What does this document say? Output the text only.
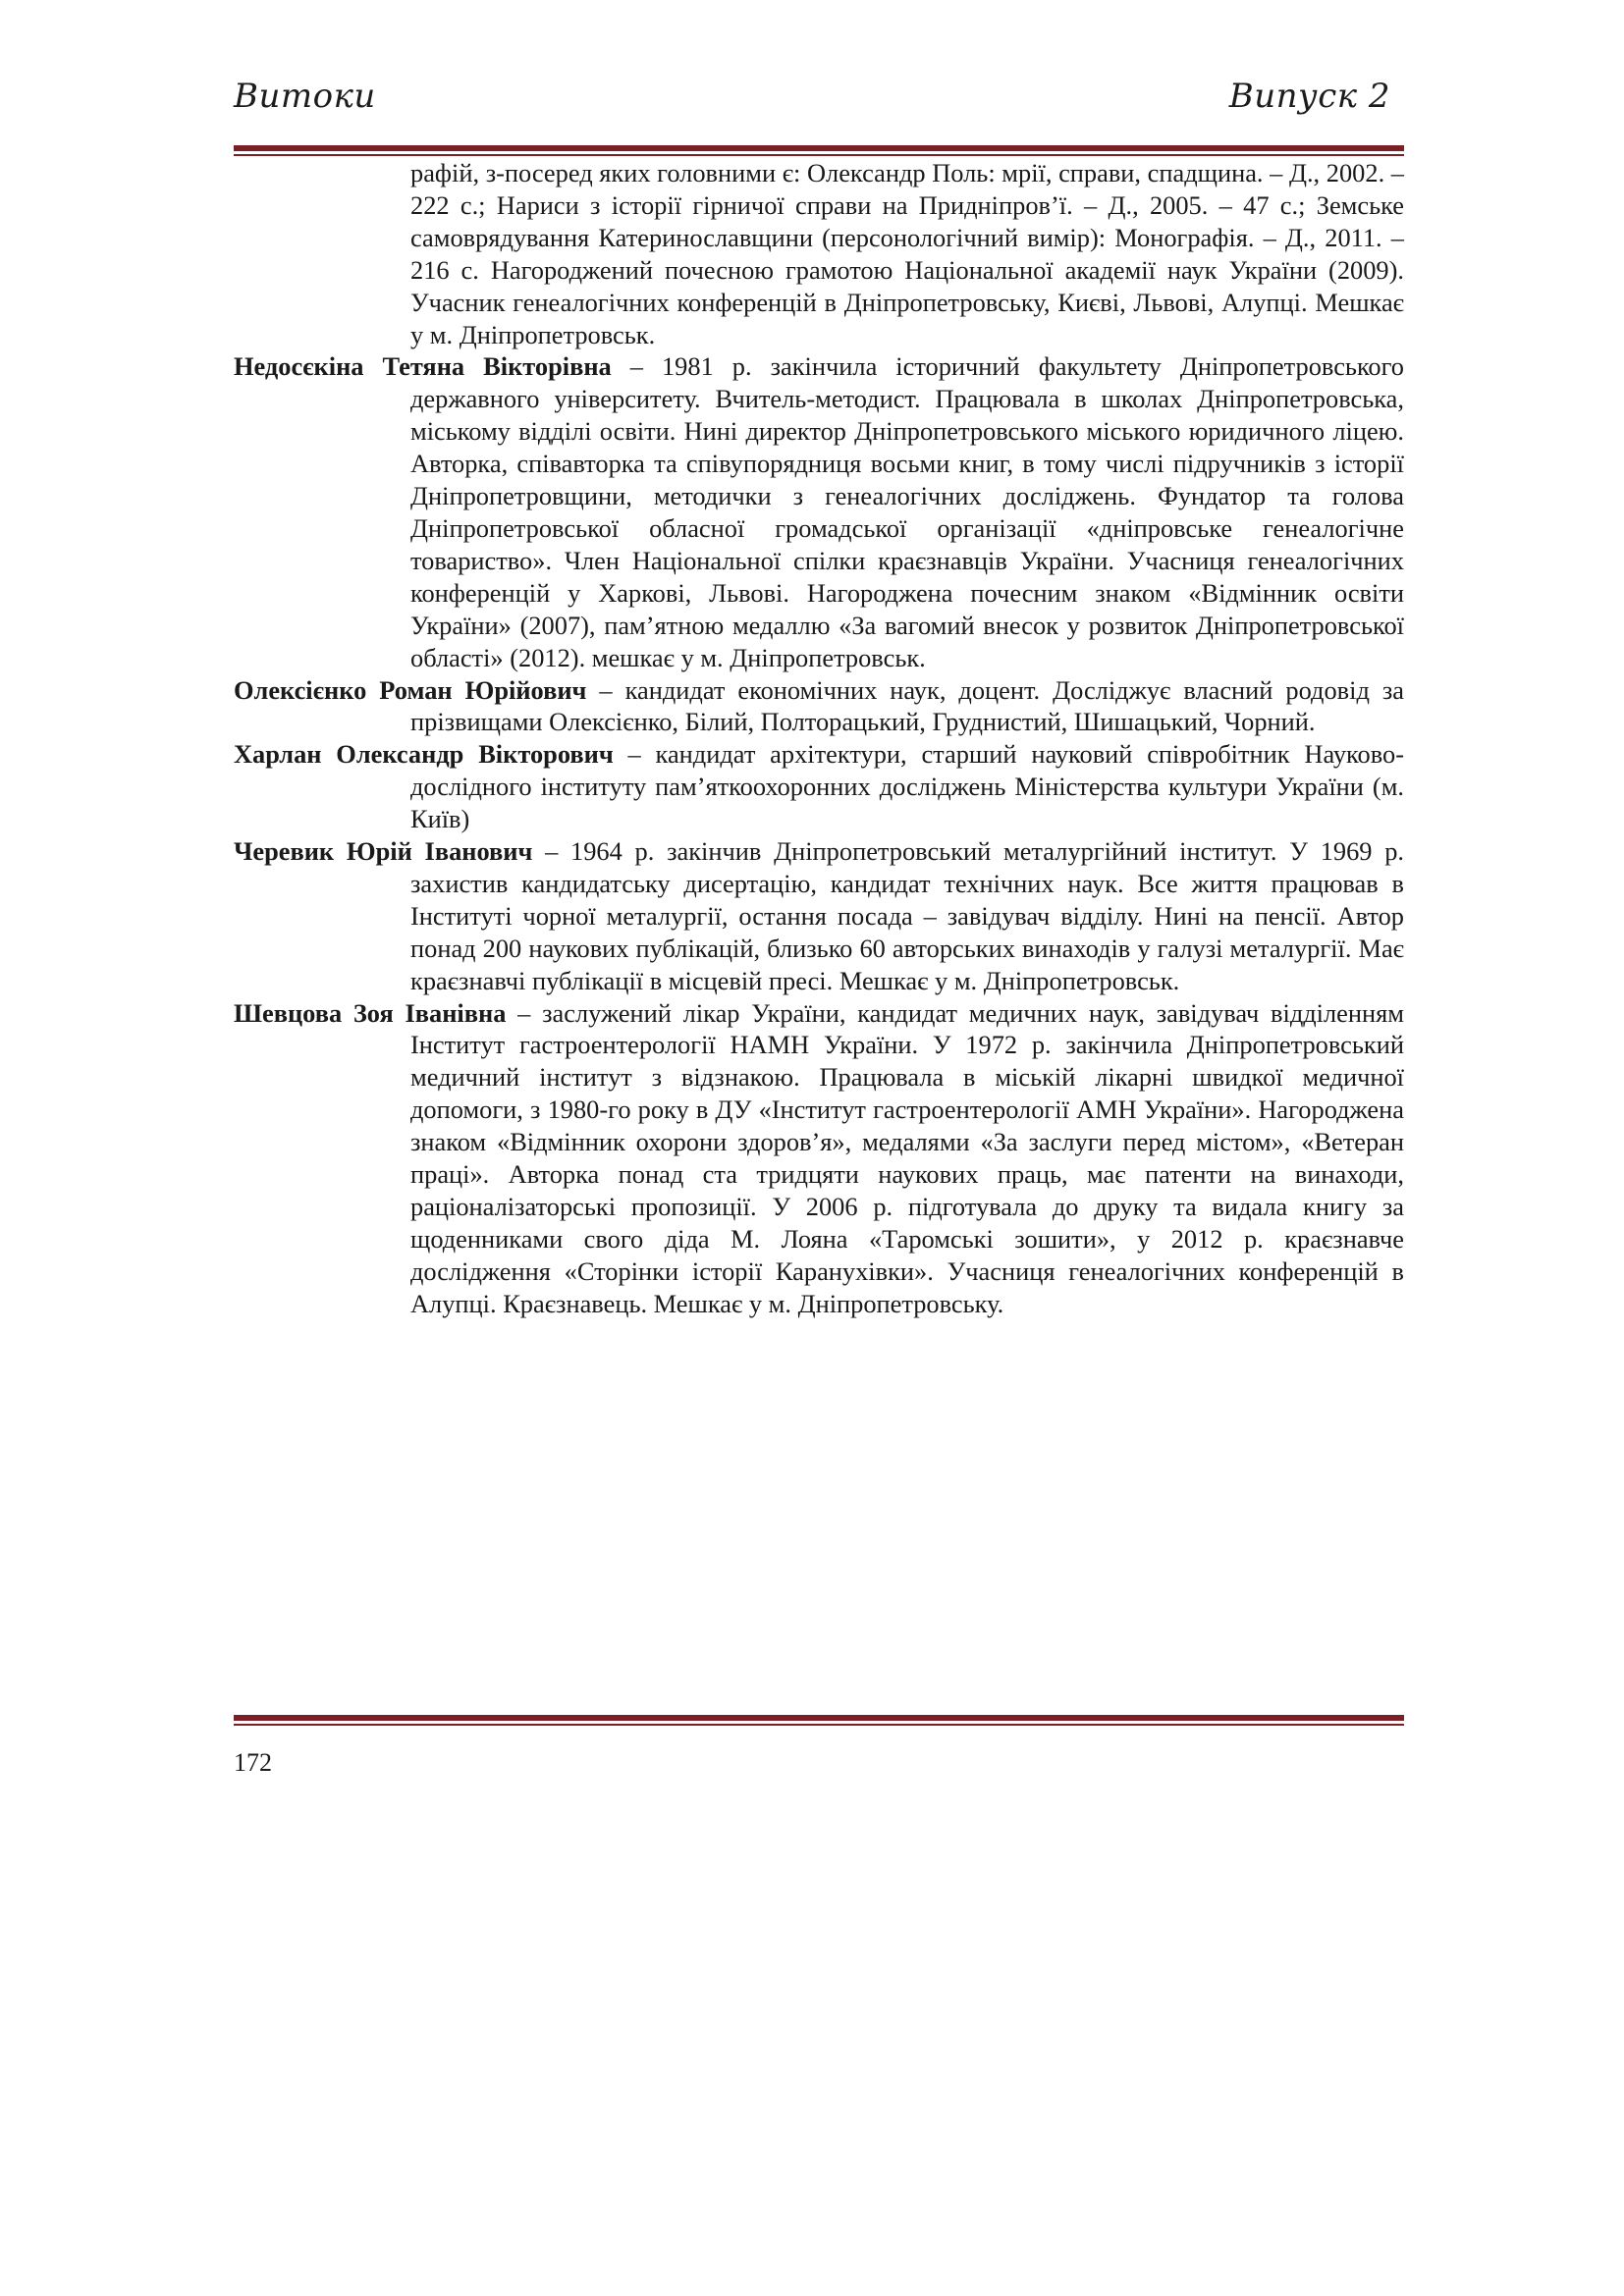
Витоки	Випуск 2

рафій, з-посеред яких головними є: Олександр Поль: мрії, справи, спадщина. – Д., 2002. – 222 с.; Нариси з історії гірничої справи на Придніпров’ї. – Д., 2005. – 47 с.; Земське самоврядування Катеринославщини (персонологічний вимір): Монографія. – Д., 2011. – 216 с. Нагороджений почесною грамотою Національної академії наук України (2009). Учасник генеалогічних конференцій в Дніпропетровську, Києві, Львові, Алупці. Мешкає у м. Дніпропетровськ.

Недосєкіна Тетяна Вікторівна – 1981 р. закінчила історичний факультету Дніпропетровського державного університету. Вчитель-методист. Працювала в школах Дніпропетровська, міському відділі освіти. Нині директор Дніпропетровського міського юридичного ліцею. Авторка, співавторка та співупорядниця восьми книг, в тому числі підручників з історії Дніпропетровщини, методички з генеалогічних досліджень. Фундатор та голова Дніпропетровської обласної громадської організації «дніпровське генеалогічне товариство». Член Національної спілки краєзнавців України. Учасниця генеалогічних конференцій у Харкові, Львові. Нагороджена почесним знаком «Відмінник освіти України» (2007), пам’ятною медаллю «За вагомий внесок у розвиток Дніпропетровської області» (2012). мешкає у м. Дніпропетровськ.

Олексієнко Роман Юрійович – кандидат економічних наук, доцент. Досліджує власний родовід за прізвищами Олексієнко, Білий, Полторацький, Груднистий, Шишацький, Чорний.

Харлан Олександр Вікторович – кандидат архітектури, старший науковий співробітник Науково-дослідного інституту пам’яткоохоронних досліджень Міністерства культури України (м. Київ)

Черевик Юрій Іванович – 1964 р. закінчив Дніпропетровський металургійний інститут. У 1969 р. захистив кандидатську дисертацію, кандидат технічних наук. Все життя працював в Інституті чорної металургії, остання посада – завідувач відділу. Нині на пенсії. Автор понад 200 наукових публікацій, близько 60 авторських винаходів у галузі металургії. Має краєзнавчі публікації в місцевій пресі. Мешкає у м. Дніпропетровськ.

Шевцова Зоя Іванівна – заслужений лікар України, кандидат медичних наук, завідувач відділенням Інститут гастроентерології НАМН України. У 1972 р. закінчила Дніпропетровський медичний інститут з відзнакою. Працювала в міській лікарні швидкої медичної допомоги, з 1980-го року в ДУ «Інститут гастроентерології АМН України». Нагороджена знаком «Відмінник охорони здоров’я», медалями «За заслуги перед містом», «Ветеран праці». Авторка понад ста тридцяти наукових праць, має патенти на винаходи, раціоналізаторські пропозиції. У 2006 р. підготувала до друку та видала книгу за щоденниками свого діда М. Лояна «Таромські зошити», у 2012 р. краєзнавче дослідження «Сторінки історії Каранухівки». Учасниця генеалогічних конференцій в Алупці. Краєзнавець. Мешкає у м. Дніпропетровську.

172
